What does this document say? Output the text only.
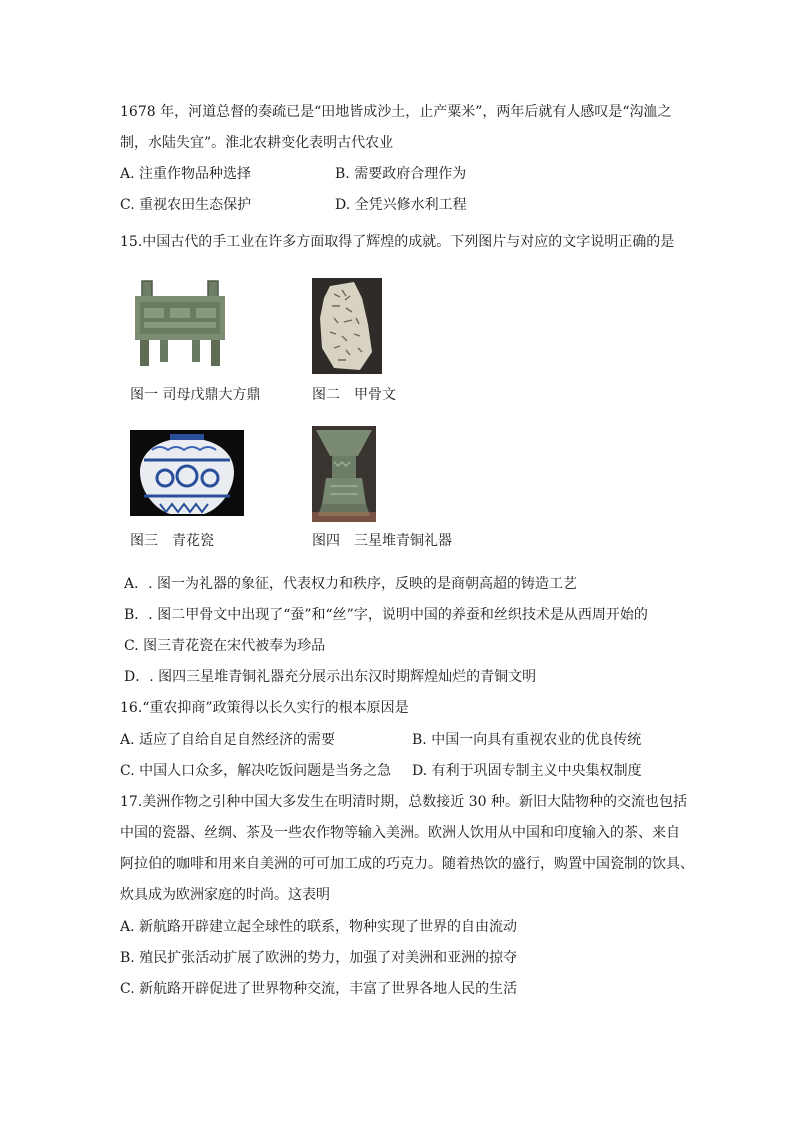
1678 年，河道总督的奏疏已是“田地皆成沙土，止产粟米”，两年后就有人感叹是“沟洫之
制，水陆失宜”。淮北农耕变化表明古代农业
A. 注重作物品种选择	B. 需要政府合理作为
C. 重视农田生态保护	D. 全凭兴修水利工程
15.中国古代的手工业在许多方面取得了辉煌的成就。下列图片与对应的文字说明正确的是
图一 司母戊鼎大方鼎	图二　甲骨文
图三　青花瓷	图四　三星堆青铜礼器
A．. 图一为礼器的象征，代表权力和秩序，反映的是商朝高超的铸造工艺
B．. 图二甲骨文中出现了“蚕”和“丝”字，说明中国的养蚕和丝织技术是从西周开始的
C. 图三青花瓷在宋代被奉为珍品
D．. 图四三星堆青铜礼器充分展示出东汉时期辉煌灿烂的青铜文明
16.“重农抑商”政策得以长久实行的根本原因是
A. 适应了自给自足自然经济的需要	B. 中国一向具有重视农业的优良传统
C. 中国人口众多，解决吃饭问题是当务之急 D. 有利于巩固专制主义中央集权制度
17.美洲作物之引种中国大多发生在明清时期，总数接近 30 种。新旧大陆物种的交流也包括
中国的瓷器、丝绸、茶及一些农作物等输入美洲。欧洲人饮用从中国和印度输入的茶、来自
阿拉伯的咖啡和用来自美洲的可可加工成的巧克力。随着热饮的盛行，购置中国瓷制的饮具、
炊具成为欧洲家庭的时尚。这表明
A. 新航路开辟建立起全球性的联系，物种实现了世界的自由流动
B. 殖民扩张活动扩展了欧洲的势力，加强了对美洲和亚洲的掠夺
C. 新航路开辟促进了世界物种交流，丰富了世界各地人民的生活
